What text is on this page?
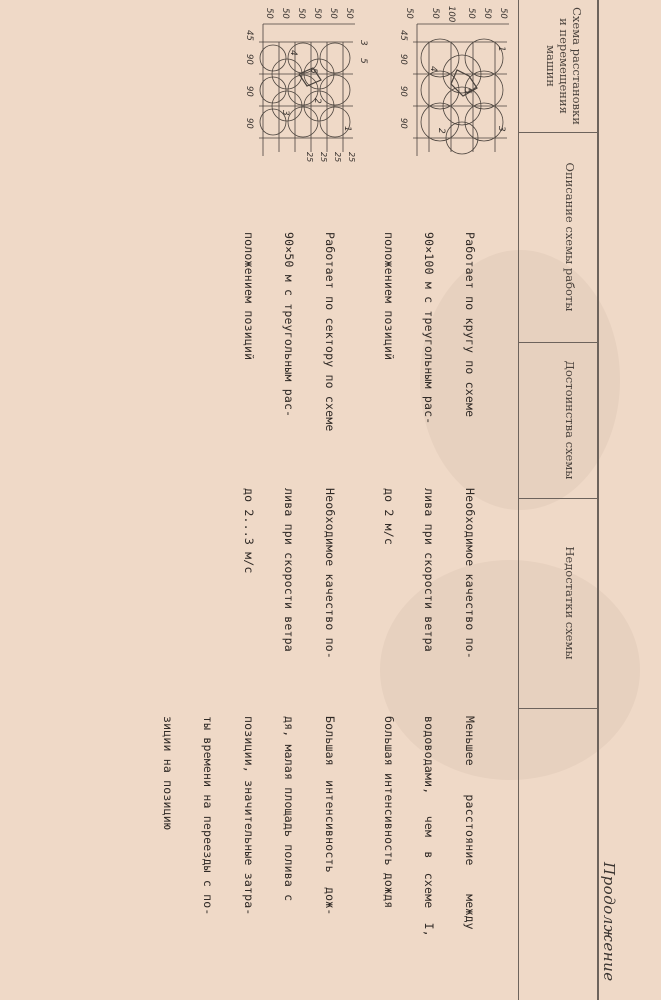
Продолжение
Схема расстановки
и перемещения машин
Описание схемы работы
Достоинства схемы
Недостатки схемы

Работает по кругу по схеме

90×100 м с треугольным рас-

положением позиций

Необходимое качество по-

лива при скорости ветра

до 2 м/с

Меньшее    расстояние    между

водоводами,   чем  в  схеме  I,

большая интенсивность дождя

Работает по сектору по схеме

90×50 м с треугольным рас-

положением позиций

Необходимое качество по-

лива при скорости ветра

до 2...3 м/с

Большая  интенсивность  дож-

дя, малая площадь полива с

позиции, значительные затра-

ты времени на переезды с по-

зиции на позицию

1
2	3
4
5
50
50
50
100
50
50
45
90
90
90
1
2
3
4
5
3
5
50
50
50
50
50
50
25
25
25
25
45
90
90
90
